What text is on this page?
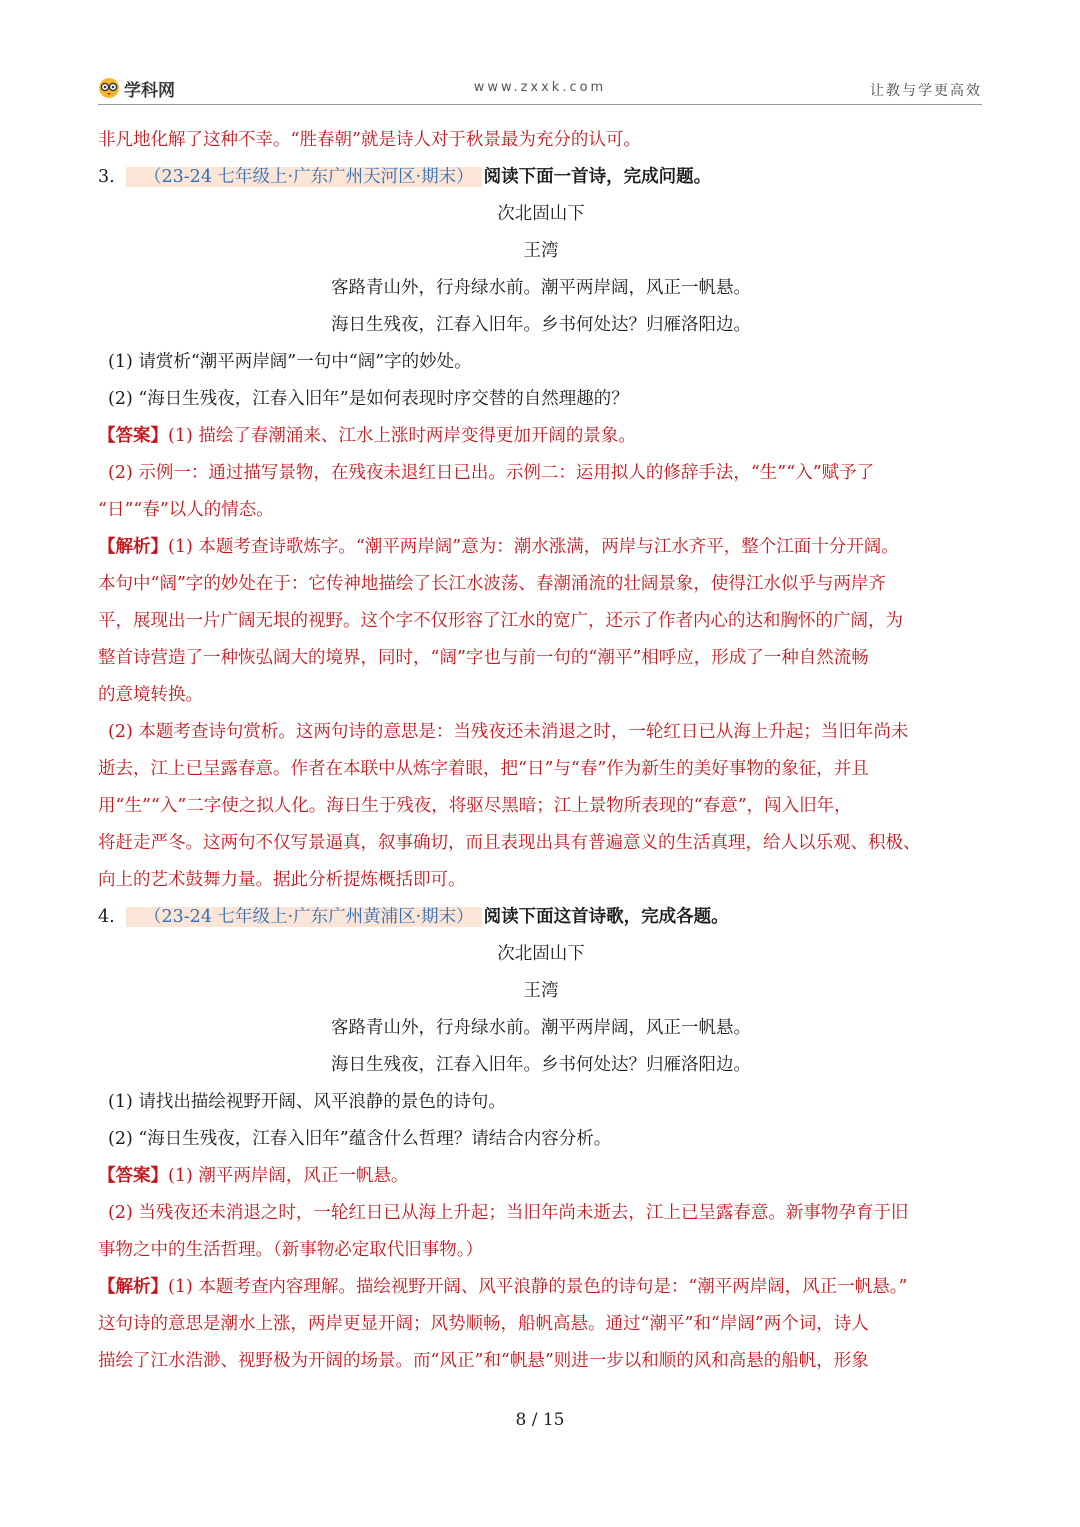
学科网	www.zxxk.com	让教与学更高效

非凡地化解了这种不幸。“胜春朝”就是诗人对于秋景最为充分的认可。

3. （23-24 七年级上·广东广州天河区·期末） 阅读下面一首诗，完成问题。

次北固山下

王湾

客路青山外，行舟绿水前。潮平两岸阔，风正一帆悬。

海日生残夜，江春入旧年。乡书何处达？归雁洛阳边。

(1) 请赏析“潮平两岸阔”一句中“阔”字的妙处。

(2) “海日生残夜，江春入旧年”是如何表现时序交替的自然理趣的？

【答案】(1) 描绘了春潮涌来、江水上涨时两岸变得更加开阔的景象。

(2) 示例一：通过描写景物，在残夜未退红日已出。示例二：运用拟人的修辞手法，“生”“入”赋予了

“日”“春”以人的情态。

【解析】(1) 本题考查诗歌炼字。“潮平两岸阔”意为：潮水涨满，两岸与江水齐平，整个江面十分开阔。

本句中“阔”字的妙处在于：它传神地描绘了长江水波荡、春潮涌流的壮阔景象，使得江水似乎与两岸齐

平，展现出一片广阔无垠的视野。这个字不仅形容了江水的宽广，还示了作者内心的达和胸怀的广阔，为

整首诗营造了一种恢弘阔大的境界，同时，“阔”字也与前一句的“潮平”相呼应，形成了一种自然流畅

的意境转换。

(2) 本题考查诗句赏析。这两句诗的意思是：当残夜还未消退之时，一轮红日已从海上升起；当旧年尚未

逝去，江上已呈露春意。作者在本联中从炼字着眼，把“日”与“春”作为新生的美好事物的象征，并且

用“生”“入”二字使之拟人化。海日生于残夜，将驱尽黑暗；江上景物所表现的“春意”，闯入旧年，

将赶走严冬。这两句不仅写景逼真，叙事确切，而且表现出具有普遍意义的生活真理，给人以乐观、积极、

向上的艺术鼓舞力量。据此分析提炼概括即可。

4. （23-24 七年级上·广东广州黄浦区·期末） 阅读下面这首诗歌，完成各题。

次北固山下

王湾

客路青山外，行舟绿水前。潮平两岸阔，风正一帆悬。

海日生残夜，江春入旧年。乡书何处达？归雁洛阳边。

(1) 请找出描绘视野开阔、风平浪静的景色的诗句。

(2) “海日生残夜，江春入旧年”蕴含什么哲理？请结合内容分析。

【答案】(1) 潮平两岸阔，风正一帆悬。

(2) 当残夜还未消退之时，一轮红日已从海上升起；当旧年尚未逝去，江上已呈露春意。新事物孕育于旧

事物之中的生活哲理。（新事物必定取代旧事物。）

【解析】(1) 本题考查内容理解。描绘视野开阔、风平浪静的景色的诗句是：“潮平两岸阔，风正一帆悬。”

这句诗的意思是潮水上涨，两岸更显开阔；风势顺畅，船帆高悬。通过“潮平”和“岸阔”两个词，诗人

描绘了江水浩渺、视野极为开阔的场景。而“风正”和“帆悬”则进一步以和顺的风和高悬的船帆，形象

8 / 15
